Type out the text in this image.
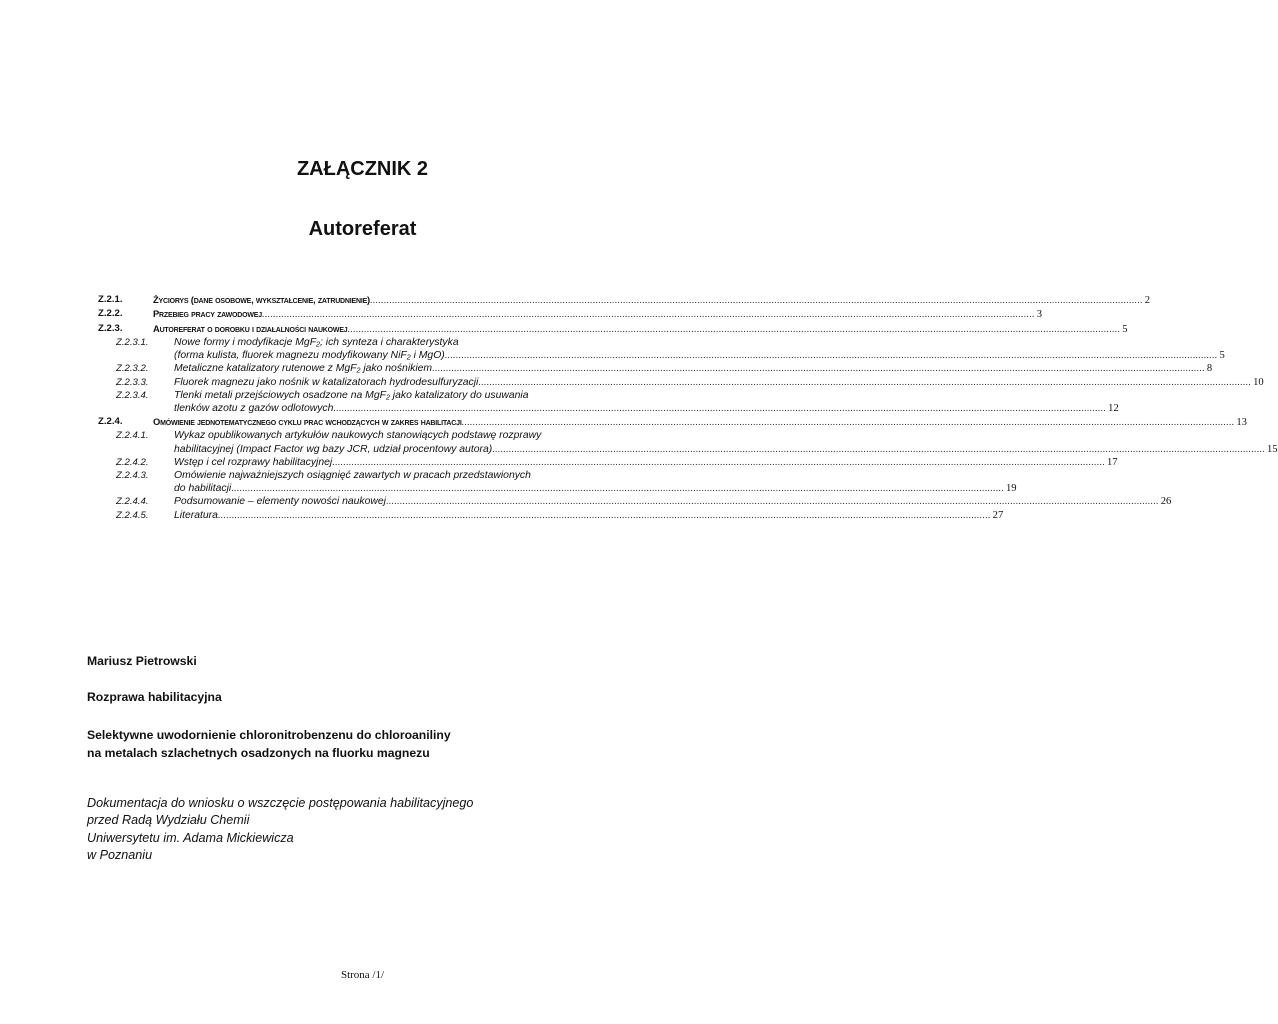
ZAŁĄCZNIK 2
Autoreferat
Z.2.1.	Życiorys (dane osobowe, wykształcenie, zatrudnienie) .....	2
Z.2.2.	Przebieg pracy zawodowej .....	3
Z.2.3.	Autoreferat o dorobku i działalności naukowej .....	5
Z.2.3.1. Nowe formy i modyfikacje MgF₂; ich synteza i charakterystyka
(forma kulista, fluorek magnezu modyfikowany NiF₂ i MgO) .....	5
Z.2.3.2. Metaliczne katalizatory rutenowe z MgF₂ jako nośnikiem .....	8
Z.2.3.3. Fluorek magnezu jako nośnik w katalizatorach hydrodesulfuryzacji .....	10
Z.2.3.4. Tlenki metali przejściowych osadzone na MgF₂ jako katalizatory do usuwania
tlenków azotu z gazów odlotowych .....	12
Z.2.4.	Omówienie jednotematycznego cyklu prac wchodzących w zakres habilitacji .....	13
Z.2.4.1. Wykaz opublikowanych artykułów naukowych stanowiących podstawę rozprawy
habilitacyjnej (Impact Factor wg bazy JCR, udział procentowy autora) .....	15
Z.2.4.2. Wstęp i cel rozprawy habilitacyjnej .....	17
Z.2.4.3. Omówienie najważniejszych osiągnięć zawartych w pracach przedstawionych
do habilitacji .....	19
Z.2.4.4. Podsumowanie – elementy nowości naukowej .....	26
Z.2.4.5. Literatura .....	27
Mariusz Pietrowski
Rozprawa habilitacyjna
Selektywne uwodornienie chloronitrobenzenu do chloroaniliny
na metalach szlachetnych osadzonych na fluorku magnezu
Dokumentacja do wniosku o wszczęcie postępowania habilitacyjnego
przed Radą Wydziału Chemii
Uniwersytetu im. Adama Mickiewicza
w Poznaniu
Strona /1/
